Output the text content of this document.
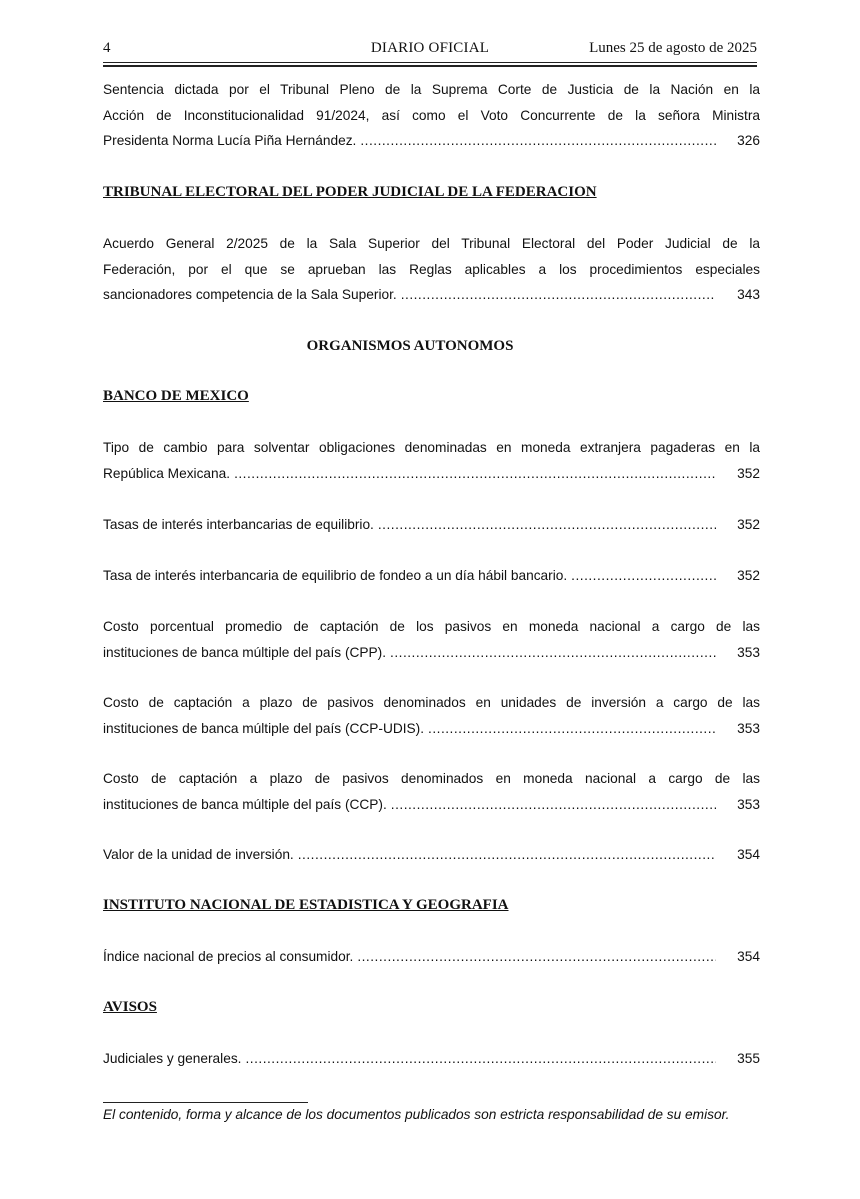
4	DIARIO OFICIAL	Lunes 25 de agosto de 2025
Sentencia dictada por el Tribunal Pleno de la Suprema Corte de Justicia de la Nación en la
Acción de Inconstitucionalidad 91/2024, así como el Voto Concurrente de la señora Ministra
Presidenta Norma Lucía Piña Hernández. .....	326
TRIBUNAL ELECTORAL DEL PODER JUDICIAL DE LA FEDERACION
Acuerdo General 2/2025 de la Sala Superior del Tribunal Electoral del Poder Judicial de la
Federación, por el que se aprueban las Reglas aplicables a los procedimientos especiales
sancionadores competencia de la Sala Superior. .....	343
ORGANISMOS AUTONOMOS
BANCO DE MEXICO
Tipo de cambio para solventar obligaciones denominadas en moneda extranjera pagaderas en la
República Mexicana. .....	352
Tasas de interés interbancarias de equilibrio. .....	352
Tasa de interés interbancaria de equilibrio de fondeo a un día hábil bancario. .....	352
Costo porcentual promedio de captación de los pasivos en moneda nacional a cargo de las
instituciones de banca múltiple del país (CPP). .....	353
Costo de captación a plazo de pasivos denominados en unidades de inversión a cargo de las
instituciones de banca múltiple del país (CCP-UDIS). .....	353
Costo de captación a plazo de pasivos denominados en moneda nacional a cargo de las
instituciones de banca múltiple del país (CCP). .....	353
Valor de la unidad de inversión. .....	354
INSTITUTO NACIONAL DE ESTADISTICA Y GEOGRAFIA
Índice nacional de precios al consumidor. .....	354
AVISOS
Judiciales y generales. .....	355
El contenido, forma y alcance de los documentos publicados son estricta responsabilidad de su emisor.
